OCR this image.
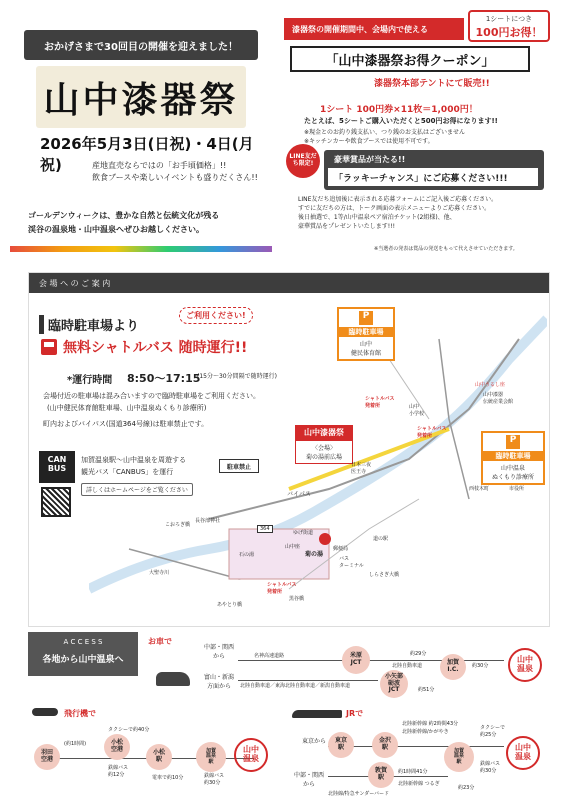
おかげさまで30回目の開催を迎えました！
山中漆器祭
2026年5月3日(日祝)・4日(月祝)	産地直売ならではの「お手頃価格」!!
飲食ブースや楽しいイベントも盛りだくさん!!
ゴールデンウィークは、豊かな自然と伝統文化が残る
渓谷の温泉地・山中温泉へぜひお越しください。
漆器祭の開催期間中、会場内で使える
1シートにつき
100円お得！
「山中漆器祭お得クーポン」
漆器祭本部テントにて販売!!
1シート 100円券×11枚＝1,000円！
たとえば、5シートご購入いただくと500円お得になります!!
※現金とのお釣り銭支払い、つり銭のお支払はございません
※キッチンカーや飲食ブースでは使用不可です。
LINE友だち限定!	豪華賞品が当たる!!
「ラッキーチャンス」にご応募ください!!!
LINE友だち追加後に表示される応募フォームにご記入後ご応募ください。
すでに友だちの方は、トーク画面の表示メニューよりご応募ください。
後日抽選で、1等/山中温泉ペア宿泊チケット(2組様)、他、
豪華賞品をプレゼントいたします!!!
※当選者の発表は賞品の発送をもって代えさせていただきます。
会 場 へ の ご 案 内
臨時駐車場より
ご利用ください!
無料シャトルバス 随時運行!!
*運行時間 8:50〜17:15
(15分〜30分間隔で随時運行)
会場付近の駐車場は混み合いますので臨時駐車場をご利用ください。
(山中健民体育館駐車場、山中温泉ぬくもり診療所)
町内およびバイパス(国道364号線)は駐車禁止です。
CAN
BUS
加賀温泉駅〜山中温泉を周遊する
観光バス「CANBUS」を運行
詳しくはホームページをご覧ください
P
臨時駐車場
山中
健民体育館
P
臨時駐車場
山中温泉
ぬくもり診療所
山中漆器祭
〈会場〉
菊の湯前広場
駐車禁止
バイパス
シャトルバス
発着所
シャトルバス
発着所
シャトルバス
発着所
山中うるし座
山中漆器
伝統産業会館
364
菊の湯
長谷部神社
日本三夜
医王寺
石の湯
山中座
ゆげ街道
あやとり橋
こおろぎ橋
黒谷橋
しらさぎ大橋
山中
小学校
市役所
西枝木町
大聖寺川
道の駅
バス
ターミナル
郵便局
A C C E S S
各地から山中温泉へ
お車で
中部・関西
から
富山・新潟
方面から
名神高速道路
北陸自動車道
北陸自動車道／東海北陸自動車道／新潟自動車道
米原
JCT
小矢部
砺波
JCT
加賀
I.C.
約29分
約51分
約30分
山中
温泉
飛行機で	JRで
タクシーで約40分
羽田
空港
小松
空港	小松
駅
加賀
温泉
駅
(約1時間)
鉄線バス
約12分	電車で約10分	鉄線バス
約30分
山中
温泉
東京から
中部・関西
から
東京
駅
金沢
駅
敦賀
駅
加賀
温泉
駅
北陸新幹線 約2時間43分
北陸新幹線/かがやき
北陸線/特急サンダーバード
北陸新幹線 つるぎ
タクシーで
約25分
鉄線バス
約30分
約1時間41分
約23分
山中
温泉
